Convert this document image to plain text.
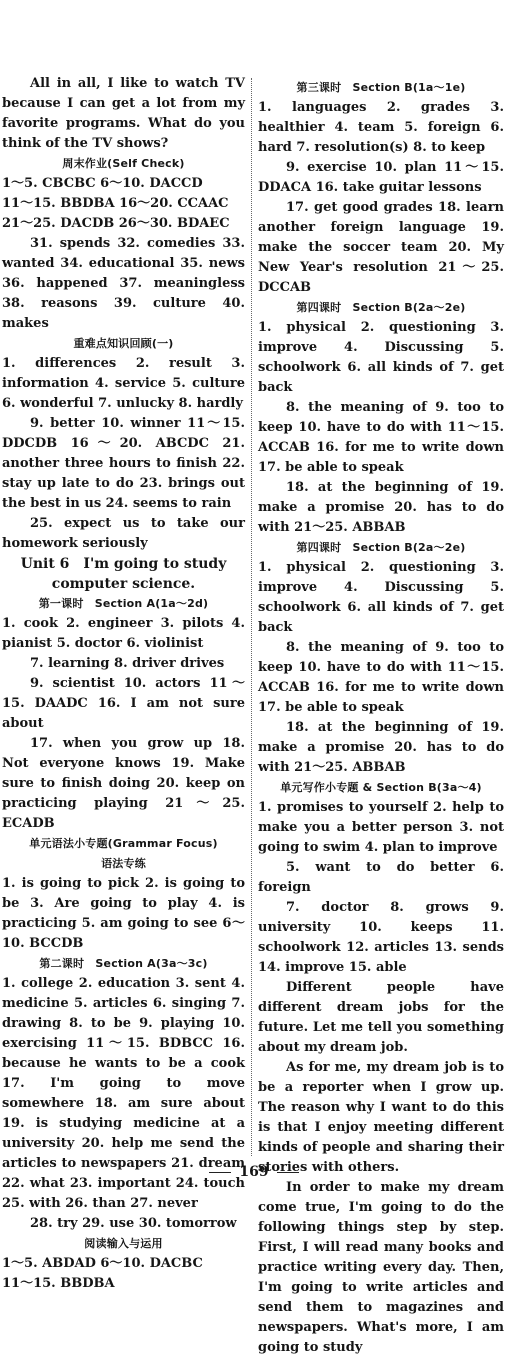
All in all, I like to watch TV because I can get a lot from my favorite programs. What do you think of the TV shows?
周末作业(Self Check)
1～5. CBCBC 6～10. DACCD
11～15. BBDBA 16～20. CCAAC
21～25. DACDB 26～30. BDAEC
31. spends 32. comedies 33. wanted 34. educational 35. news 36. happened 37. meaningless 38. reasons 39. culture 40. makes
重难点知识回顾(一)
1. differences 2. result 3. information 4. service 5. culture 6. wonderful 7. unlucky 8. hardly
9. better 10. winner 11～15. DDCDB 16～20. ABCDC 21. another three hours to finish 22. stay up late to do 23. brings out the best in us 24. seems to rain
25. expect us to take our homework seriously
Unit 6　I'm going to study computer science.
第一课时　Section A(1a～2d)
1. cook 2. engineer 3. pilots 4. pianist 5. doctor 6. violinist
7. learning 8. driver drives
9. scientist 10. actors 11～15. DAADC 16. I am not sure about
17. when you grow up 18. Not everyone knows 19. Make sure to finish doing 20. keep on practicing playing 21～25. ECADB
单元语法小专题(Grammar Focus)
语法专练
1. is going to pick 2. is going to be 3. Are going to play 4. is practicing 5. am going to see 6～10. BCCDB
第二课时　Section A(3a～3c)
1. college 2. education 3. sent 4. medicine 5. articles 6. singing 7. drawing 8. to be 9. playing 10. exercising 11～15. BDBCC 16. because he wants to be a cook 17. I'm going to move somewhere 18. am sure about 19. is studying medicine at a university 20. help me send the articles to newspapers 21. dream 22. what 23. important 24. touch 25. with 26. than 27. never
28. try 29. use 30. tomorrow
阅读输入与运用
1～5. ABDAD 6～10. DACBC
11～15. BBDBA
第三课时　Section B(1a～1e)
1. languages 2. grades 3. healthier 4. team 5. foreign 6. hard 7. resolution(s) 8. to keep
9. exercise 10. plan 11～15. DDACA 16. take guitar lessons
17. get good grades 18. learn another foreign language 19. make the soccer team 20. My New Year's resolution 21～25. DCCAB
第四课时　Section B(2a～2e)
1. physical 2. questioning 3. improve 4. Discussing 5. schoolwork 6. all kinds of 7. get back
8. the meaning of 9. too to keep 10. have to do with 11～15. ACCAB 16. for me to write down 17. be able to speak
18. at the beginning of 19. make a promise 20. has to do with 21～25. ABBAB
第四课时　Section B(2a～2e)
1. physical 2. questioning 3. improve 4. Discussing 5. schoolwork 6. all kinds of 7. get back
8. the meaning of 9. too to keep 10. have to do with 11～15. ACCAB 16. for me to write down 17. be able to speak
18. at the beginning of 19. make a promise 20. has to do with 21～25. ABBAB
单元写作小专题 & Section B(3a～4)
1. promises to yourself 2. help to make you a better person 3. not going to swim 4. plan to improve
5. want to do better 6. foreign
7. doctor 8. grows 9. university 10. keeps 11. schoolwork 12. articles 13. sends 14. improve 15. able
Different people have different dream jobs for the future. Let me tell you something about my dream job.
As for me, my dream job is to be a reporter when I grow up. The reason why I want to do this is that I enjoy meeting different kinds of people and sharing their stories with others.
In order to make my dream come true, I'm going to do the following things step by step. First, I will read many books and practice writing every day. Then, I'm going to write articles and send them to magazines and newspapers. What's more, I am going to study
169
